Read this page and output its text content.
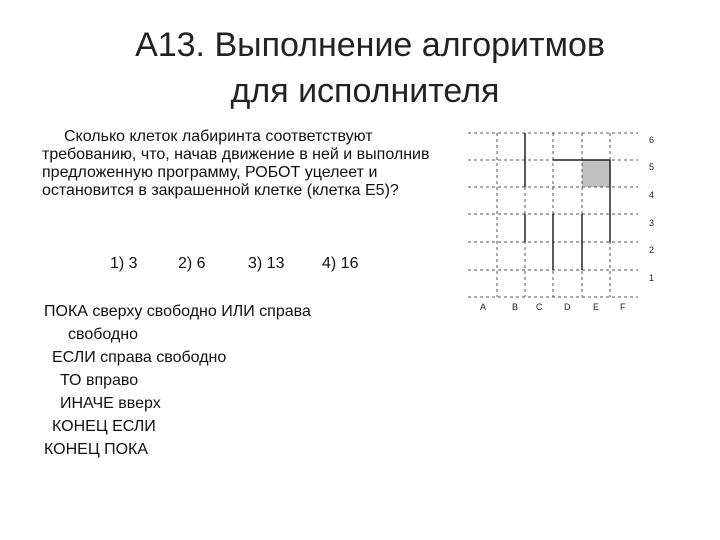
А13. Выполнение алгоритмов
для исполнителя
Сколько клеток лабиринта соответствуют требованию, что, начав движение в ней и выполнив предложенную программу, РОБОТ уцелеет и остановится в закрашенной клетке (клетка Е5)?
1) 3	2) 6	3) 13 4) 16
ПОКА сверху свободно ИЛИ справа
свободно
ЕСЛИ справа свободно
ТО вправо
ИНАЧЕ вверх
КОНЕЦ ЕСЛИ
КОНЕЦ ПОКА
6
5
4
3
2
1
A	B C D	E F
